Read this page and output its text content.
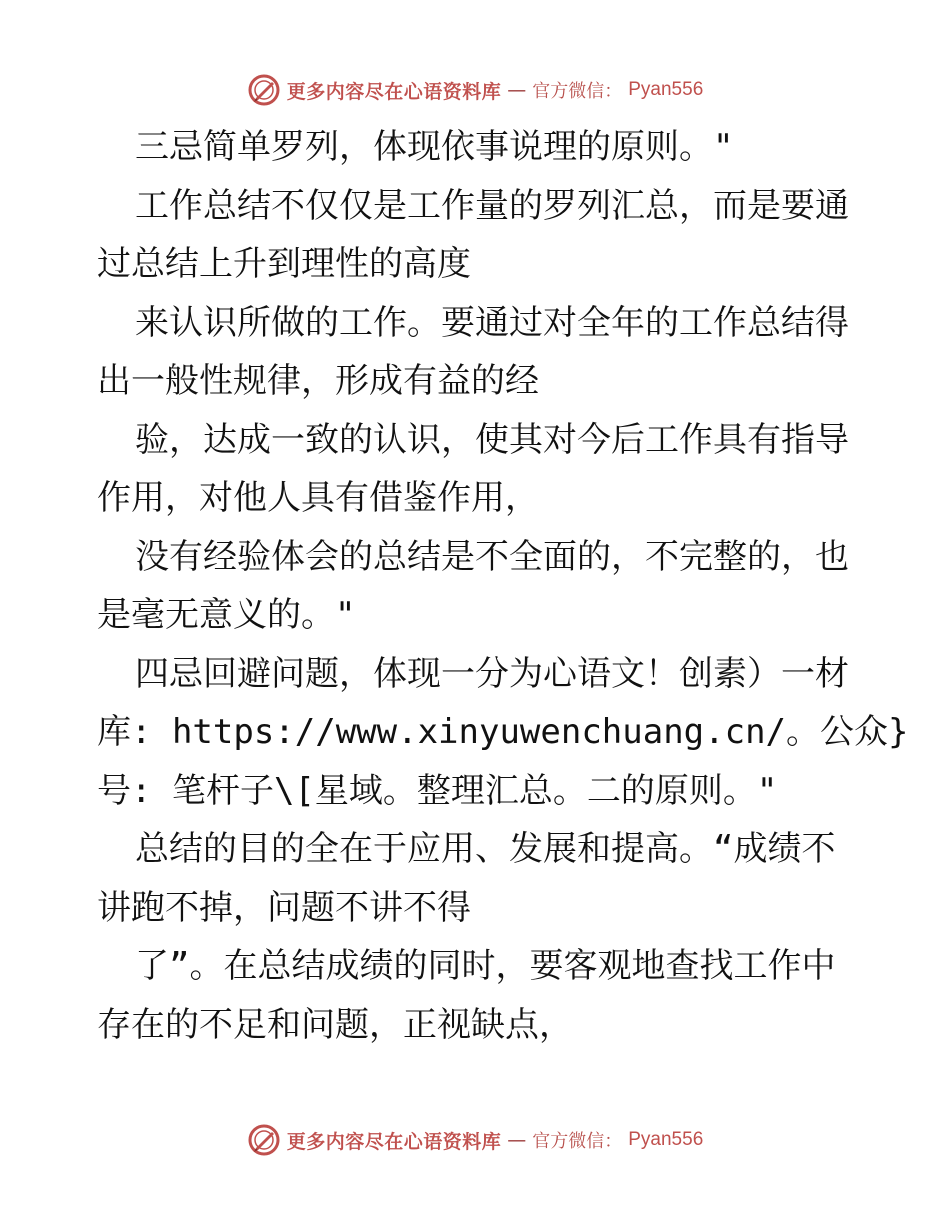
更多内容尽在心语资料库 — 官方微信： Pyan556
三忌简单罗列，体现依事说理的原则。"
工作总结不仅仅是工作量的罗列汇总，而是要通
过总结上升到理性的高度
来认识所做的工作。要通过对全年的工作总结得
出一般性规律，形成有益的经
验，达成一致的认识，使其对今后工作具有指导
作用，对他人具有借鉴作用，
没有经验体会的总结是不全面的，不完整的，也
是毫无意义的。"
四忌回避问题，体现一分为心语文！创素）一材
库: https://www.xinyuwenchuang.cn/。公众}
号: 笔杆子\[星域。整理汇总。二的原则。"
总结的目的全在于应用、发展和提高。“成绩不
讲跑不掉，问题不讲不得
了”。在总结成绩的同时，要客观地查找工作中
存在的不足和问题，正视缺点，
更多内容尽在心语资料库 — 官方微信： Pyan556
